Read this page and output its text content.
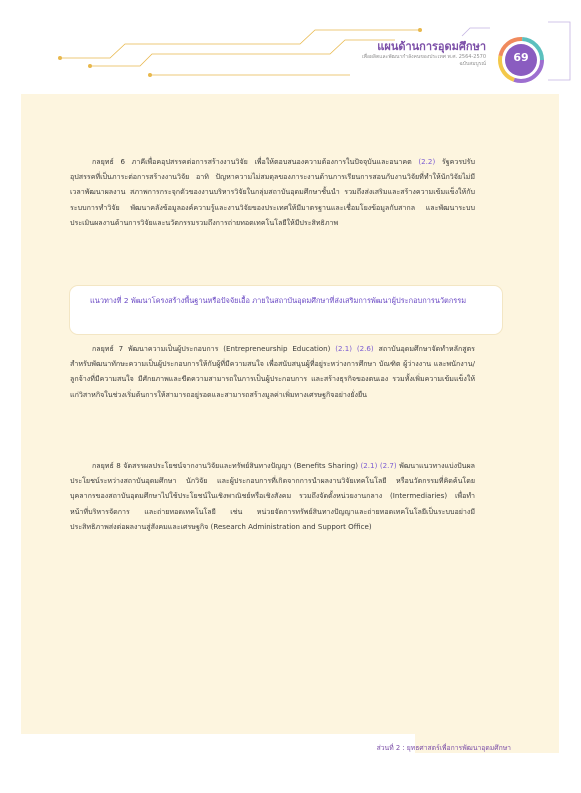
แผนด้านการอุดมศึกษา
เพื่อผลิตและพัฒนากำลังคนของประเทศ พ.ศ. 2564-2570
ฉบับสมบูรณ์	69
กลยุทธ์ 6 ภาคีเพื่อคอุปสรรคต่อการสร้างงานวิจัย เพื่อให้ตอบสนองความต้องการในปัจจุบันและอนาคต (2.2) รัฐควรปรับอุปสรรคที่เป็นภาระต่อการสร้างงานวิจัย อาทิ ปัญหาความไม่สมดุลของภาระงานด้านการเรียนการสอนกับงานวิจัยที่ทำให้นักวิจัยไม่มีเวลาพัฒนาผลงาน สภาพการกระจุกตัวของงานบริหารวิจัยในกลุ่มสถาบันอุดมศึกษาชั้นนำ รวมถึงส่งเสริมและสร้างความเข้มแข็งให้กับระบบการทำวิจัย พัฒนาคลังข้อมูลองค์ความรู้และงานวิจัยของประเทศให้มีมาตรฐานและเชื่อมโยงข้อมูลกับสากล และพัฒนาระบบประเมินผลงานด้านการวิจัยและนวัตกรรมรวมถึงการถ่ายทอดเทคโนโลยีให้มีประสิทธิภาพ
แนวทางที่ 2 พัฒนาโครงสร้างพื้นฐานหรือปัจจัยเอื้อ ภายในสถาบันอุดมศึกษาที่ส่งเสริมการพัฒนาผู้ประกอบการนวัตกรรม
กลยุทธ์ 7 พัฒนาความเป็นผู้ประกอบการ (Entrepreneurship Education) (2.1) (2.6) สถาบันอุดมศึกษาจัดทำหลักสูตรสำหรับพัฒนาทักษะความเป็นผู้ประกอบการให้กับผู้ที่มีความสนใจ เพื่อสนับสนุนผู้ที่อยู่ระหว่างการศึกษา บัณฑิต ผู้ว่างงาน และพนักงาน/ลูกจ้างที่มีความสนใจ มีศักยภาพและขีดความสามารถในการเป็นผู้ประกอบการ และสร้างธุรกิจของตนเอง รวมทั้งเพิ่มความเข้มแข็งให้แก่วิสาหกิจในช่วงเริ่มต้นการให้สามารถอยู่รอดและสามารถสร้างมูลค่าเพิ่มทางเศรษฐกิจอย่างยั่งยืน
กลยุทธ์ 8 จัดสรรผลประโยชน์จากงานวิจัยและทรัพย์สินทางปัญญา (Benefits Sharing) (2.1) (2.7) พัฒนาแนวทางแบ่งปันผลประโยชน์ระหว่างสถาบันอุดมศึกษา นักวิจัย และผู้ประกอบการที่เกิดจากการนำผลงานวิจัยเทคโนโลยี หรือนวัตกรรมที่คิดค้นโดยบุคลากรของสถาบันอุดมศึกษาไปใช้ประโยชน์ในเชิงพาณิชย์หรือเชิงสังคม รวมถึงจัดตั้งหน่วยงานกลาง (Intermediaries) เพื่อทำหน้าที่บริหารจัดการ และถ่ายทอดเทคโนโลยี เช่น หน่วยจัดการทรัพย์สินทางปัญญาและถ่ายทอดเทคโนโลยีเป็นระบบอย่างมีประสิทธิภาพส่งต่อผลงานสู่สังคมและเศรษฐกิจ (Research Administration and Support Office)
ส่วนที่ 2 : ยุทธศาสตร์เพื่อการพัฒนาอุดมศึกษา
